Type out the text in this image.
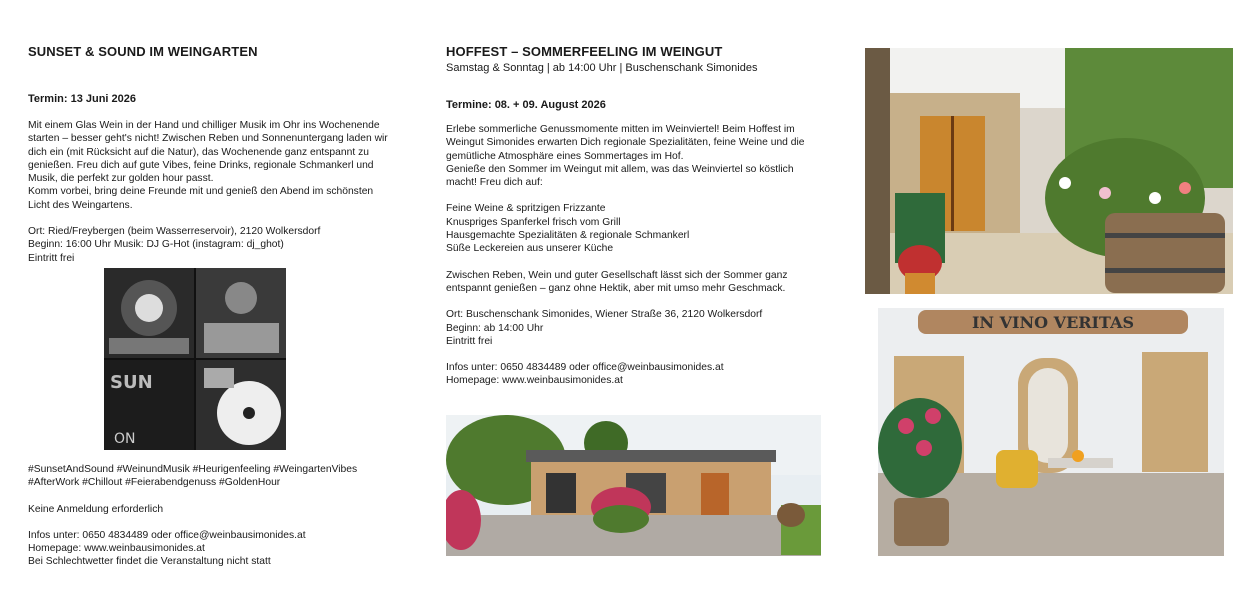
SUNSET & SOUND IM WEINGARTEN
Termin: 13 Juni 2026

Mit einem Glas Wein in der Hand und chilliger Musik im Ohr ins Wochenende

starten – besser geht's nicht! Zwischen Reben und Sonnenuntergang laden wir

dich ein (mit Rücksicht auf die Natur), das Wochenende ganz entspannt zu

genießen. Freu dich auf gute Vibes, feine Drinks, regionale Schmankerl und

Musik, die perfekt zur golden hour passt.

Komm vorbei, bring deine Freunde mit und genieß den Abend im schönsten

Licht des Weingartens.

Ort: Ried/Freybergen (beim Wasserreservoir), 2120 Wolkersdorf

Beginn: 16:00 Uhr Musik: DJ G-Hot (instagram: dj_ghot)

Eintritt frei

SUN
ON

#SunsetAndSound #WeinundMusik #Heurigenfeeling #WeingartenVibes

#AfterWork #Chillout #Feierabendgenuss #GoldenHour

Keine Anmeldung erforderlich

Infos unter: 0650 4834489 oder office@weinbausimonides.at

Homepage: www.weinbausimonides.at

Bei Schlechtwetter findet die Veranstaltung nicht statt

HOFFEST – SOMMERFEELING IM WEINGUT
Samstag & Sonntag | ab 14:00 Uhr | Buschenschank Simonides
Termine: 08. + 09. August 2026

Erlebe sommerliche Genussmomente mitten im Weinviertel! Beim Hoffest im

Weingut Simonides erwarten Dich regionale Spezialitäten, feine Weine und die

gemütliche Atmosphäre eines Sommertages im Hof.

Genieße den Sommer im Weingut mit allem, was das Weinviertel so köstlich

macht! Freu dich auf:

Feine Weine & spritzigen Frizzante

Knuspriges Spanferkel frisch vom Grill

Hausgemachte Spezialitäten & regionale Schmankerl

Süße Leckereien aus unserer Küche

Zwischen Reben, Wein und guter Gesellschaft lässt sich der Sommer ganz

entspannt genießen – ganz ohne Hektik, aber mit umso mehr Geschmack.

Ort: Buschenschank Simonides, Wiener Straße 36, 2120 Wolkersdorf

Beginn: ab 14:00 Uhr

Eintritt frei

Infos unter: 0650 4834489 oder office@weinbausimonides.at

Homepage: www.weinbausimonides.at

IN VINO VERITAS
